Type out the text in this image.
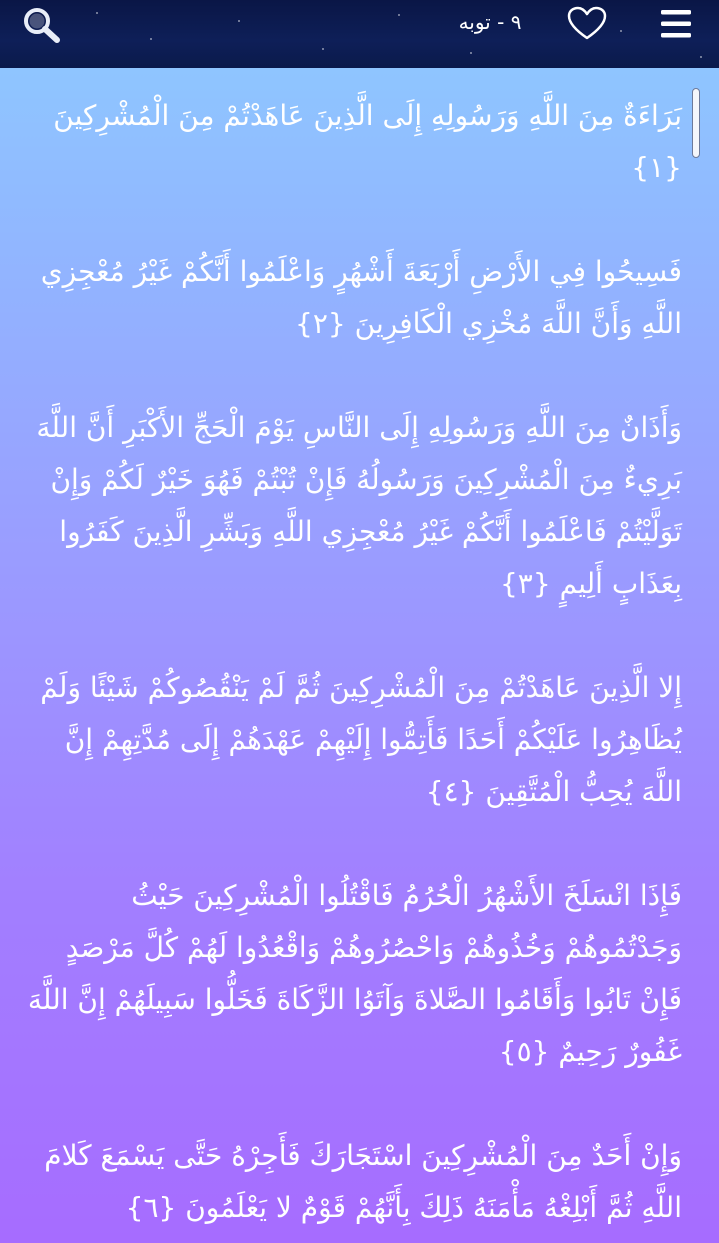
۹ - توبه

بَرَاءَةٌ مِنَ اللَّهِ وَرَسُولِهِ إِلَى الَّذِينَ عَاهَدْتُمْ مِنَ الْمُشْرِكِينَ {۱}

فَسِيحُوا فِي الأَرْضِ أَرْبَعَةَ أَشْهُرٍ وَاعْلَمُوا أَنَّكُمْ غَيْرُ مُعْجِزِي اللَّهِ وَأَنَّ اللَّهَ مُخْزِي الْكَافِرِينَ {۲}

وَأَذَانٌ مِنَ اللَّهِ وَرَسُولِهِ إِلَى النَّاسِ يَوْمَ الْحَجِّ الأَكْبَرِ أَنَّ اللَّهَ بَرِيءٌ مِنَ الْمُشْرِكِينَ وَرَسُولُهُ فَإِنْ تُبْتُمْ فَهُوَ خَيْرٌ لَكُمْ وَإِنْ تَوَلَّيْتُمْ فَاعْلَمُوا أَنَّكُمْ غَيْرُ مُعْجِزِي اللَّهِ وَبَشِّرِ الَّذِينَ كَفَرُوا بِعَذَابٍ أَلِيمٍ {۳}

إِلا الَّذِينَ عَاهَدْتُمْ مِنَ الْمُشْرِكِينَ ثُمَّ لَمْ يَنْقُصُوكُمْ شَيْئًا وَلَمْ يُظَاهِرُوا عَلَيْكُمْ أَحَدًا فَأَتِمُّوا إِلَيْهِمْ عَهْدَهُمْ إِلَى مُدَّتِهِمْ إِنَّ اللَّهَ يُحِبُّ الْمُتَّقِينَ {٤}

فَإِذَا انْسَلَخَ الأَشْهُرُ الْحُرُمُ فَاقْتُلُوا الْمُشْرِكِينَ حَيْثُ وَجَدْتُمُوهُمْ وَخُذُوهُمْ وَاحْصُرُوهُمْ وَاقْعُدُوا لَهُمْ كُلَّ مَرْصَدٍ فَإِنْ تَابُوا وَأَقَامُوا الصَّلاةَ وَآتَوُا الزَّكَاةَ فَخَلُّوا سَبِيلَهُمْ إِنَّ اللَّهَ غَفُورٌ رَحِيمٌ {٥}

وَإِنْ أَحَدٌ مِنَ الْمُشْرِكِينَ اسْتَجَارَكَ فَأَجِرْهُ حَتَّى يَسْمَعَ كَلامَ اللَّهِ ثُمَّ أَبْلِغْهُ مَأْمَنَهُ ذَلِكَ بِأَنَّهُمْ قَوْمٌ لا يَعْلَمُونَ {٦}
